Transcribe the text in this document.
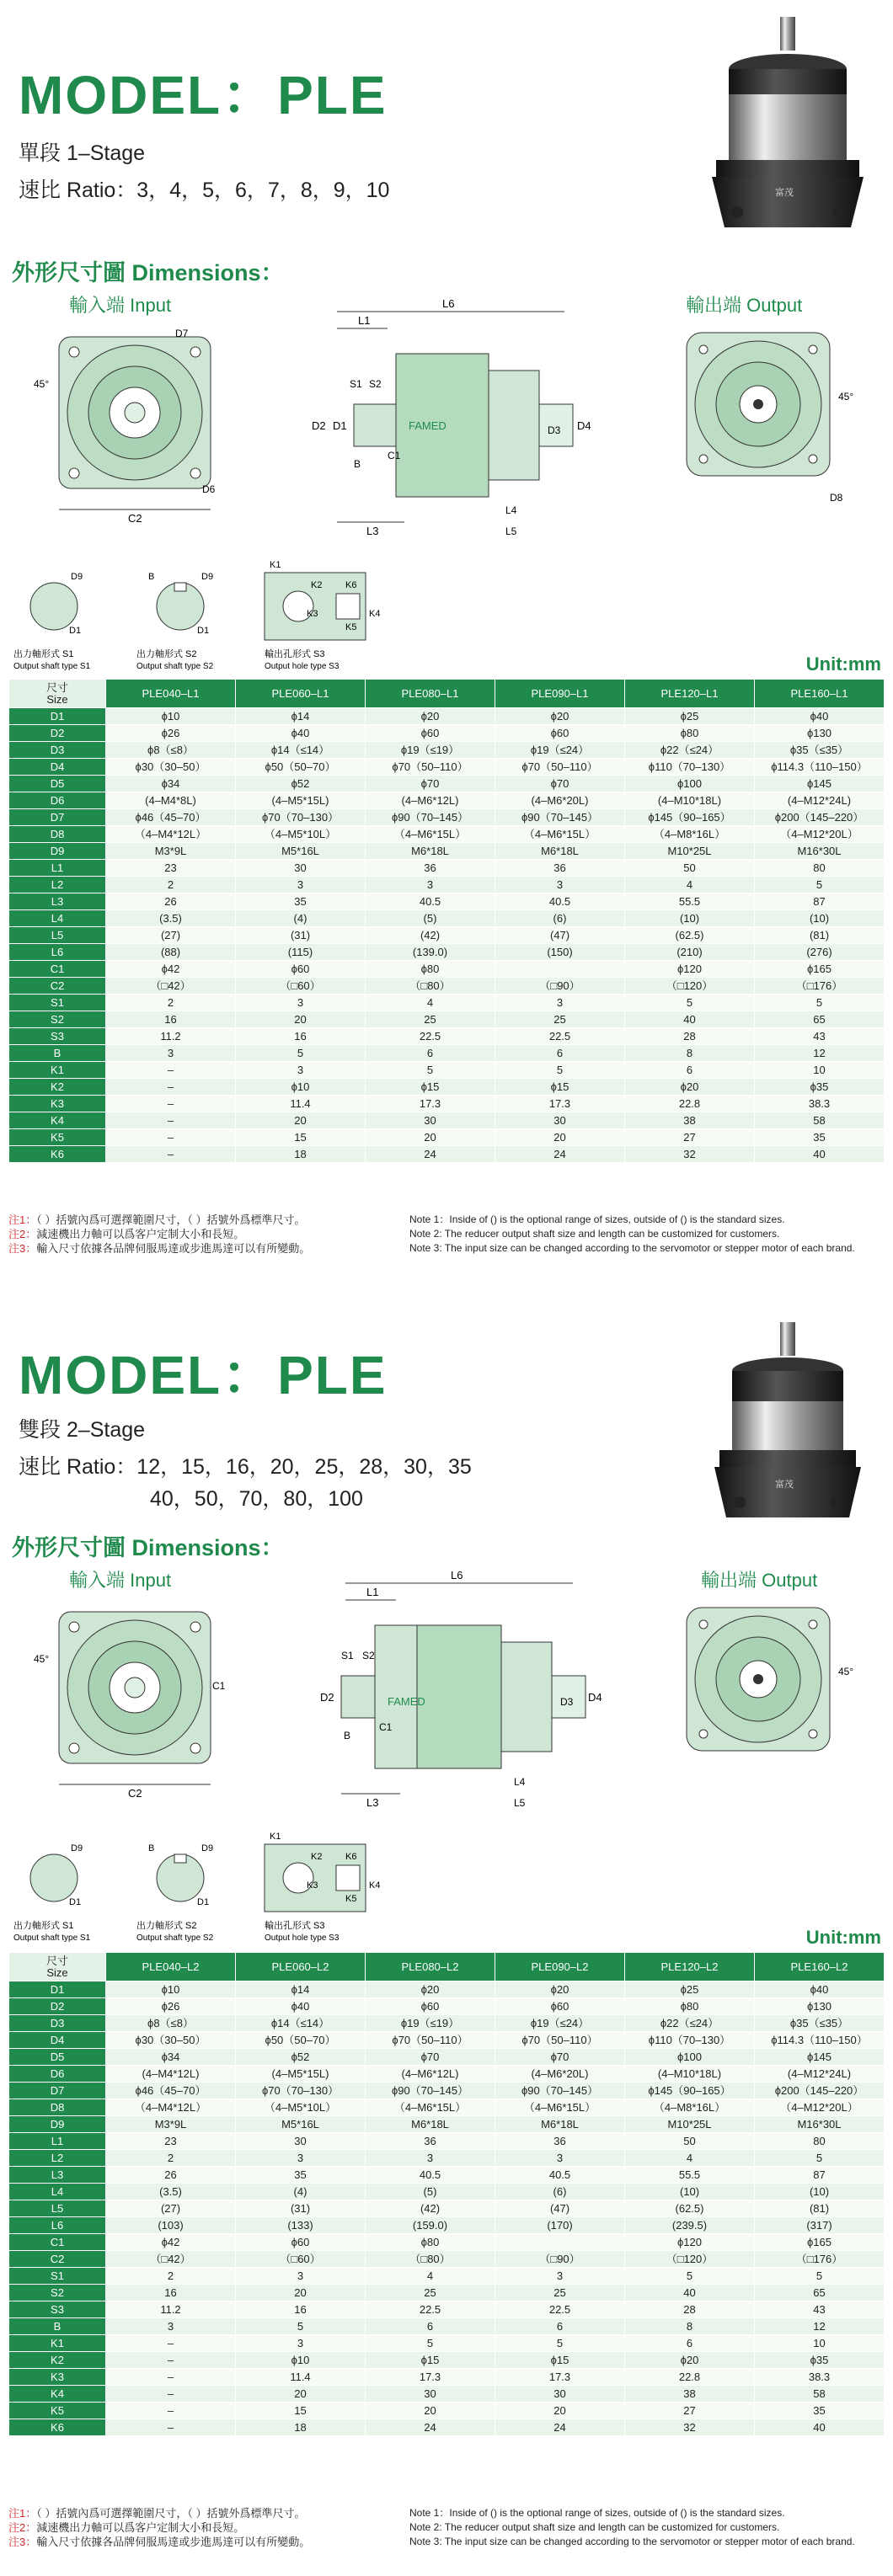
MODEL：PLE
單段 1–Stage
速比 Ratio：3，4，5，6，7，8，9，10	富茂
外形尺寸圖 Dimensions：
輸入端 Input	輸出端 Output
C2
D7
D6
45°
L6
L1
FAMED
D2 D1	D4
D3
C1
L3
L4
L5
S1 S2
B
45°
D8
D9
D1
B	D9
D1
K1
K2	K6
K5
K4
K3
出力軸形式 S1
Output shaft type S1
出力軸形式 S2
Output shaft type S2
輸出孔形式 S3
Output hole type S3	Unit:mm
尺寸
Size	PLE040–L1	PLE060–L1	PLE080–L1	PLE090–L1	PLE120–L1	PLE160–L1
D1	ϕ10	ϕ14	ϕ20	ϕ20	ϕ25	ϕ40
D2	ϕ26	ϕ40	ϕ60	ϕ60	ϕ80	ϕ130
D3	ϕ8（≤8）	ϕ14（≤14）	ϕ19（≤19）	ϕ19（≤24）	ϕ22（≤24）	ϕ35（≤35）
D4	ϕ30（30–50）	ϕ50（50–70）	ϕ70（50–110）	ϕ70（50–110）	ϕ110（70–130）	ϕ114.3（110–150）
D5	ϕ34	ϕ52	ϕ70	ϕ70	ϕ100	ϕ145
D6	(4–M4*8L)	(4–M5*15L)	(4–M6*12L)	(4–M6*20L)	(4–M10*18L)	(4–M12*24L)
D7	ϕ46（45–70）	ϕ70（70–130）	ϕ90（70–145）	ϕ90（70–145）	ϕ145（90–165）	ϕ200（145–220）
D8	（4–M4*12L）	（4–M5*10L）	（4–M6*15L）	（4–M6*15L）	（4–M8*16L）	（4–M12*20L）
D9	M3*9L	M5*16L	M6*18L	M6*18L	M10*25L	M16*30L
L1	23	30	36	36	50	80
L2	2	3	3	3	4	5
L3	26	35	40.5	40.5	55.5	87
L4	(3.5)	(4)	(5)	(6)	(10)	(10)
L5	(27)	(31)	(42)	(47)	(62.5)	(81)
L6	(88)	(115)	(139.0)	(150)	(210)	(276)
C1	ϕ42	ϕ60	ϕ80		ϕ120	ϕ165
C2	（□42）	（□60）	（□80）	（□90）	（□120）	（□176）
S1	2	3	4	3	5	5
S2	16	20	25	25	40	65
S3	11.2	16	22.5	22.5	28	43
B	3	5	6	6	8	12
K1	–	3	5	5	6	10
K2	–	ϕ10	ϕ15	ϕ15	ϕ20	ϕ35
K3	–	11.4	17.3	17.3	22.8	38.3
K4	–	20	30	30	38	58
K5	–	15	20	20	27	35
K6	–	18	24	24	32	40
注1：（ ）括號內爲可選擇範圍尺寸，（ ）括號外爲標準尺寸。
注2：減速機出力軸可以爲客户定制大小和長短。
注3：輸入尺寸依據各品牌伺服馬達或步進馬達可以有所變動。
Note 1：Inside of () is the optional range of sizes, outside of () is the standard sizes.
Note 2: The reducer output shaft size and length can be customized for customers.
Note 3: The input size can be changed according to the servomotor or stepper motor of each brand.
MODEL：PLE
雙段 2–Stage
速比 Ratio：12，15，16，20，25，28，30，35
40，50，70，80，100
富茂
外形尺寸圖 Dimensions：
輸入端 Input	輸出端 Output
C2
C1
45°
L6
L1
FAMED
D2	D4
D3
C1
L3
L4
L5
S1 S2
B
45°
D9
D1
B	D9
D1
K1
K2	K6
K5
K4
K3
出力軸形式 S1
Output shaft type S1
出力軸形式 S2
Output shaft type S2
輸出孔形式 S3
Output hole type S3	Unit:mm
尺寸
Size	PLE040–L2	PLE060–L2	PLE080–L2	PLE090–L2	PLE120–L2	PLE160–L2
D1	ϕ10	ϕ14	ϕ20	ϕ20	ϕ25	ϕ40
D2	ϕ26	ϕ40	ϕ60	ϕ60	ϕ80	ϕ130
D3	ϕ8（≤8）	ϕ14（≤14）	ϕ19（≤19）	ϕ19（≤24）	ϕ22（≤24）	ϕ35（≤35）
D4	ϕ30（30–50）	ϕ50（50–70）	ϕ70（50–110）	ϕ70（50–110）	ϕ110（70–130）	ϕ114.3（110–150）
D5	ϕ34	ϕ52	ϕ70	ϕ70	ϕ100	ϕ145
D6	(4–M4*12L)	(4–M5*15L)	(4–M6*12L)	(4–M6*20L)	(4–M10*18L)	(4–M12*24L)
D7	ϕ46（45–70）	ϕ70（70–130）	ϕ90（70–145）	ϕ90（70–145）	ϕ145（90–165）	ϕ200（145–220）
D8	（4–M4*12L）	（4–M5*10L）	（4–M6*15L）	（4–M6*15L）	（4–M8*16L）	（4–M12*20L）
D9	M3*9L	M5*16L	M6*18L	M6*18L	M10*25L	M16*30L
L1	23	30	36	36	50	80
L2	2	3	3	3	4	5
L3	26	35	40.5	40.5	55.5	87
L4	(3.5)	(4)	(5)	(6)	(10)	(10)
L5	(27)	(31)	(42)	(47)	(62.5)	(81)
L6	(103)	(133)	(159.0)	(170)	(239.5)	(317)
C1	ϕ42	ϕ60	ϕ80		ϕ120	ϕ165
C2	（□42）	（□60）	（□80）	（□90）	（□120）	（□176）
S1	2	3	4	3	5	5
S2	16	20	25	25	40	65
S3	11.2	16	22.5	22.5	28	43
B	3	5	6	6	8	12
K1	–	3	5	5	6	10
K2	–	ϕ10	ϕ15	ϕ15	ϕ20	ϕ35
K3	–	11.4	17.3	17.3	22.8	38.3
K4	–	20	30	30	38	58
K5	–	15	20	20	27	35
K6	–	18	24	24	32	40
注1：（ ）括號內爲可選擇範圍尺寸，（ ）括號外爲標準尺寸。
注2：減速機出力軸可以爲客户定制大小和長短。
注3：輸入尺寸依據各品牌伺服馬達或步進馬達可以有所變動。
Note 1：Inside of () is the optional range of sizes, outside of () is the standard sizes.
Note 2: The reducer output shaft size and length can be customized for customers.
Note 3: The input size can be changed according to the servomotor or stepper motor of each brand.
